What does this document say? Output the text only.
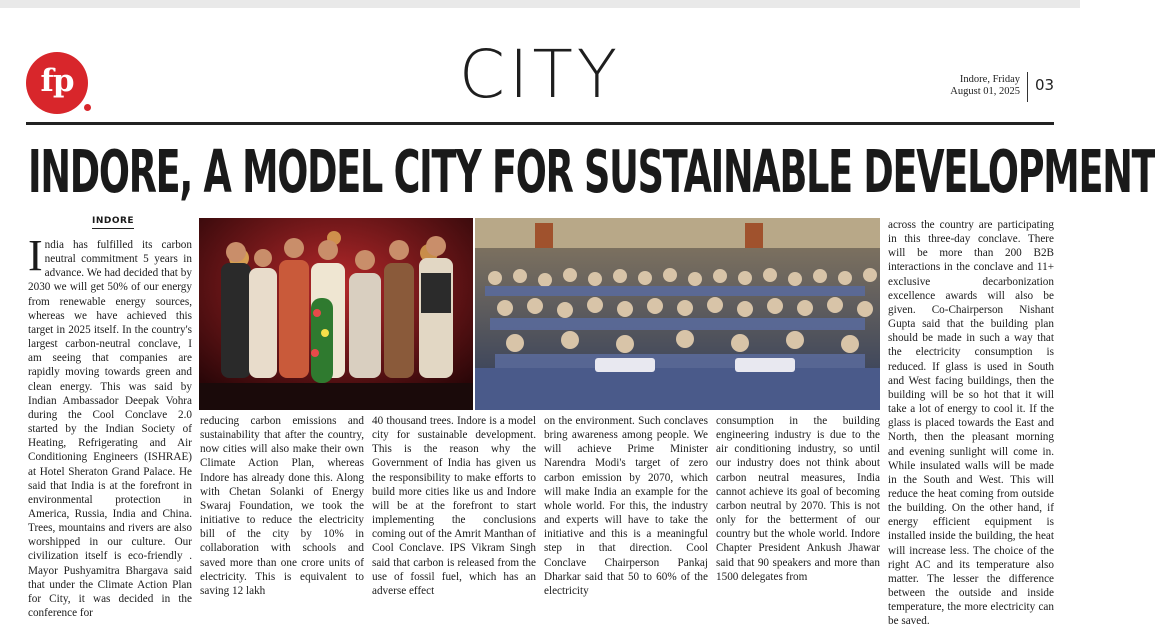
fp	CITY	Indore, Friday
August 01, 2025 03
INDORE, A MODEL CITY FOR SUSTAINABLE DEVELOPMENT
INDORE

India has fulfilled its carbon neutral commitment 5 years in advance. We had decided that by 2030 we will get 50% of our energy from renewable energy sources, whereas we have achieved this target in 2025 itself. In the country's largest carbon-neutral conclave, I am seeing that companies are rapidly moving towards green and clean energy. This was said by Indian Ambassador Deepak Vohra during the Cool Conclave 2.0 started by the Indian Society of Heating, Refrigerating and Air Conditioning Engineers (ISHRAE) at Hotel Sheraton Grand Palace. He said that India is at the forefront in environmental protection in America, Russia, India and China. Trees, mountains and rivers are also worshipped in our culture. Our civilization itself is eco-friendly . Mayor Pushyamitra Bhargava said that under the Climate Action Plan for City, it was decided in the conference for

reducing carbon emissions and sustainability that after the country, now cities will also make their own Climate Action Plan, whereas Indore has already done this. Along with Chetan Solanki of Energy Swaraj Foundation, we took the initiative to reduce the electricity bill of the city by 10% in collaboration with schools and saved more than one crore units of electricity. This is equivalent to saving 12 lakh

40 thousand trees. Indore is a model city for sustainable development. This is the reason why the Government of India has given us the responsibility to make efforts to build more cities like us and Indore will be at the forefront to start implementing the conclusions coming out of the Amrit Manthan of Cool Conclave. IPS Vikram Singh said that carbon is released from the use of fossil fuel, which has an adverse effect

on the environment. Such conclaves bring awareness among people. We will achieve Prime Minister Narendra Modi's target of zero carbon emission by 2070, which will make India an example for the whole world. For this, the industry and experts will have to take the initiative and this is a meaningful step in that direction. Cool Conclave Chairperson Pankaj Dharkar said that 50 to 60% of the electricity

consumption in the building engineering industry is due to the air conditioning industry, so until our industry does not think about carbon neutral measures, India cannot achieve its goal of becoming carbon neutral by 2070. This is not only for the betterment of our country but the whole world. Indore Chapter President Ankush Jhawar said that 90 speakers and more than 1500 delegates from

across the country are participating in this three-day conclave. There will be more than 200 B2B interactions in the conclave and 11+ exclusive decarbonization excellence awards will also be given. Co-Chairperson Nishant Gupta said that the building plan should be made in such a way that the electricity consumption is reduced. If glass is used in South and West facing buildings, then the building will be so hot that it will take a lot of energy to cool it. If the glass is placed towards the East and North, then the pleasant morning and evening sunlight will come in. While insulated walls will be made in the South and West. This will reduce the heat coming from outside the building. On the other hand, if energy efficient equipment is installed inside the building, the heat will increase less. The choice of the right AC and its temperature also matter. The lesser the difference between the outside and inside temperature, the more electricity can be saved.
